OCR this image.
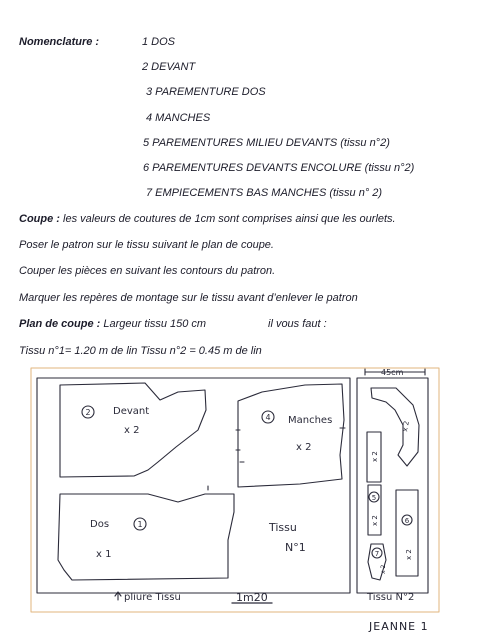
Nomenclature :	1 DOS
2 DEVANT
3 PAREMENTURE DOS
4 MANCHES
5 PAREMENTURES MILIEU DEVANTS (tissu n°2)
6 PAREMENTURES DEVANTS ENCOLURE (tissu n°2)
7 EMPIECEMENTS BAS MANCHES (tissu n° 2)
Coupe : les valeurs de coutures de 1cm sont comprises ainsi que les ourlets.
Poser le patron sur le tissu suivant le plan de coupe.
Couper les pièces en suivant les contours du patron.
Marquer les repères de montage sur le tissu avant d’enlever le patron
Plan de coupe : Largeur tissu 150 cm	il vous faut :
Tissu n°1= 1.20 m de lin Tissu n°2 = 0.45 m de lin
2
4
1
5
6
7
Devant
x 2
Manches
x 2
Dos
x 1
Tissu
N°1
45cm
x 2
x 2
x 2
x 2
x 2
pliure Tissu	1m20	Tissu N°2
JEANNE 1
